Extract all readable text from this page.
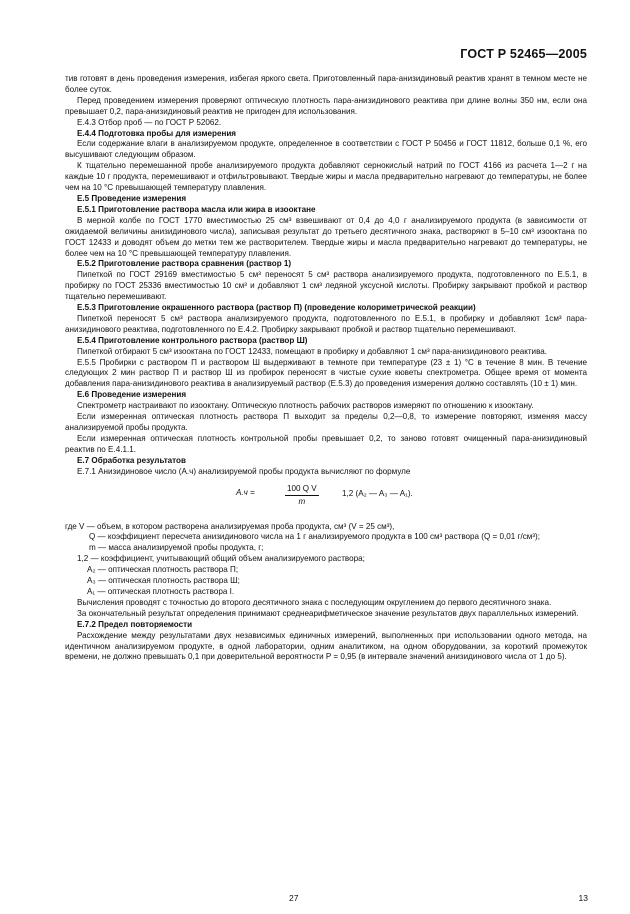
ГОСТ Р 52465—2005

тив готовят в день проведения измерения, избегая яркого света. Приготовленный пара-анизидиновый реактив хранят в темном месте не более суток.

Перед проведением измерения проверяют оптическую плотность пара-анизидинового реактива при длине волны 350 нм, если она превышает 0,2, пара-анизидиновый реактив не пригоден для использования.

Е.4.3 Отбор проб — по ГОСТ Р 52062.

Е.4.4 Подготовка пробы для измерения

Если содержание влаги в анализируемом продукте, определенное в соответствии с ГОСТ Р 50456 и ГОСТ 11812, больше 0,1 %, его высушивают следующим образом.

К тщательно перемешанной пробе анализируемого продукта добавляют сернокислый натрий по ГОСТ 4166 из расчета 1—2 г на каждые 10 г продукта, перемешивают и отфильтровывают. Твердые жиры и масла предварительно нагревают до температуры, не более чем на 10 °С превышающей температуру плавления.

Е.5 Проведение измерения

Е.5.1 Приготовление раствора масла или жира в изооктане

В мерной колбе по ГОСТ 1770 вместимостью 25 см³ взвешивают от 0,4 до 4,0 г анализируемого продукта (в зависимости от ожидаемой величины анизидинового числа), записывая результат до третьего десятичного знака, растворяют в 5–10 см³ изооктана по ГОСТ 12433 и доводят объем до метки тем же растворителем. Твердые жиры и масла предварительно нагревают до температуры, не более чем на 10 °С превышающей температуру плавления.

Е.5.2 Приготовление раствора сравнения (раствор 1)

Пипеткой по ГОСТ 29169 вместимостью 5 см³ переносят 5 см³ раствора анализируемого продукта, подготовленного по Е.5.1, в пробирку по ГОСТ 25336 вместимостью 10 см³ и добавляют 1 см³ ледяной уксусной кислоты. Пробирку закрывают пробкой и раствор тщательно перемешивают.

Е.5.3 Приготовление окрашенного раствора (раствор П) (проведение колориметрической реакции)

Пипеткой переносят 5 см³ раствора анализируемого продукта, подготовленного по Е.5.1, в пробирку и добавляют 1см³ пара-анизидинового реактива, подготовленного по Е.4.2. Пробирку закрывают пробкой и раствор тщательно перемешивают.

Е.5.4 Приготовление контрольного раствора (раствор Ш)

Пипеткой отбирают 5 см³ изооктана по ГОСТ 12433, помещают в пробирку и добавляют 1 см³ пара-анизидинового реактива.

Е.5.5 Пробирки с раствором П и раствором Ш выдерживают в темноте при температуре (23 ± 1) °С в течение 8 мин. В течение следующих 2 мин раствор П и раствор Ш из пробирок переносят в чистые сухие кюветы спектрометра. Общее время от момента добавления пара-анизидинового реактива в анализируемый раствор (Е.5.3) до проведения измерения должно составлять (10 ± 1) мин.

Е.6 Проведение измерения

Спектрометр настраивают по изооктану. Оптическую плотность рабочих растворов измеряют по отношению к изооктану.

Если измеренная оптическая плотность раствора П выходит за пределы 0,2—0,8, то измерение повторяют, изменяя массу анализируемой пробы продукта.

Если измеренная оптическая плотность контрольной пробы превышает 0,2, то заново готовят очищенный пара-анизидиновый реактив по Е.4.1.1.

Е.7 Обработка результатов

Е.7.1 Анизидиновое число (А.ч) анализируемой пробы продукта вычисляют по формуле

А.ч =	$\frac{\text{100 Q V}}{m}$	1,2 (A₂ — A₃ — A₁).

где V — объем, в котором растворена анализируемая проба продукта, см³ (V = 25 см³),

Q — коэффициент пересчета анизидинового числа на 1 г анализируемого продукта в 100 см³ раствора (Q = 0,01 г/см³);

m — масса анализируемой пробы продукта, г;

1,2 — коэффициент, учитывающий общий объем анализируемого раствора;

A₂ — оптическая плотность раствора П;

A₃ — оптическая плотность раствора Ш;

A₁ — оптическая плотность раствора I.

Вычисления проводят с точностью до второго десятичного знака с последующим округлением до первого десятичного знака.

За окончательный результат определения принимают среднеарифметическое значение результатов двух параллельных измерений.

Е.7.2 Предел повторяемости

Расхождение между результатами двух независимых единичных измерений, выполненных при использовании одного метода, на идентичном анализируемом продукте, в одной лаборатории, одним аналитиком, на одном оборудовании, за короткий промежуток времени, не должно превышать 0,1 при доверительной вероятности P = 0,95 (в интервале значений анизидинового числа от 1 до 5).

27	13
